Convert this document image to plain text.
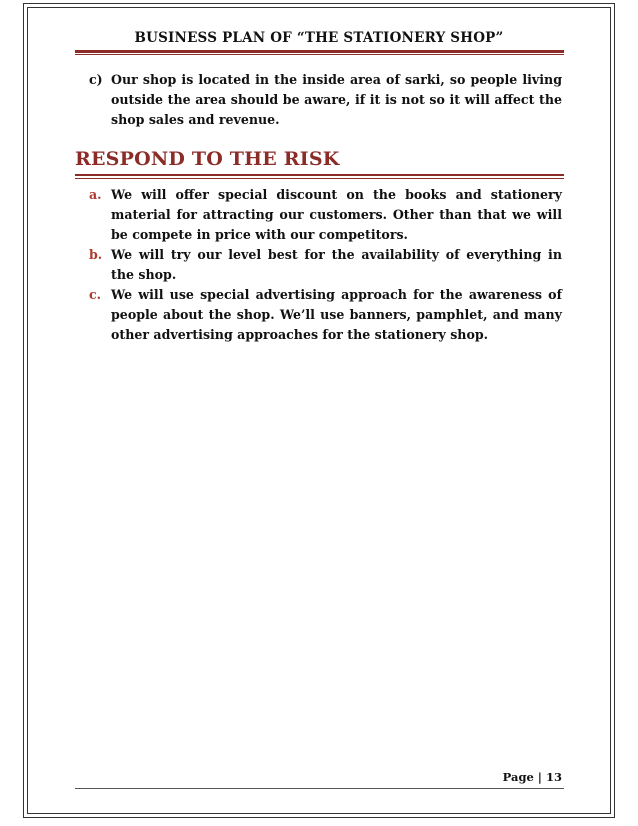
BUSINESS PLAN OF “THE STATIONERY SHOP”
c) Our shop is located in the inside area of sarki, so people living outside the area should be aware, if it is not so it will affect the shop sales and revenue.
RESPOND TO THE RISK
a. We will offer special discount on the books and stationery material for attracting our customers. Other than that we will be compete in price with our competitors.
b. We will try our level best for the availability of everything in the shop.
c. We will use special advertising approach for the awareness of people about the shop. We’ll use banners, pamphlet, and many other advertising approaches for the stationery shop.
Page | 13
